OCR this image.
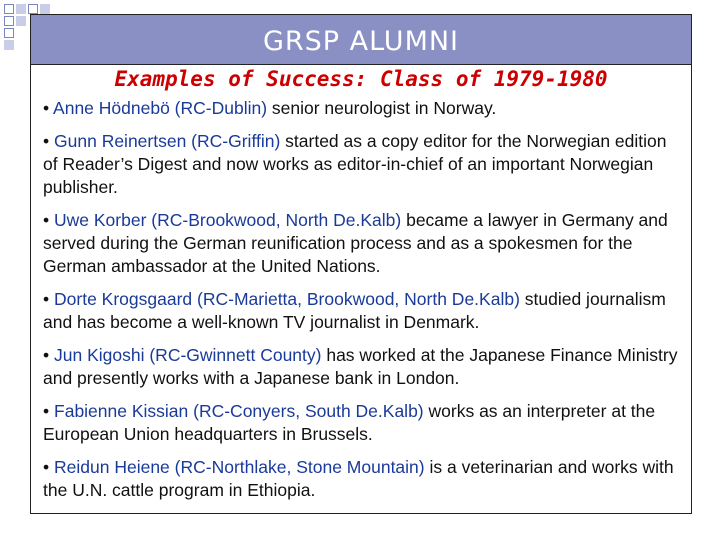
GRSP ALUMNI
Examples of Success: Class of 1979-1980
• Anne Hödnebö (RC-Dublin) senior neurologist in Norway.
• Gunn Reinertsen (RC-Griffin) started as a copy editor for the Norwegian edition of Reader’s Digest and now works as editor-in-chief of an important Norwegian publisher.
• Uwe Korber (RC-Brookwood, North De.Kalb) became a lawyer in Germany and served during the German reunification process and as a spokesmen for the German ambassador at the United Nations.
• Dorte Krogsgaard (RC-Marietta, Brookwood, North De.Kalb) studied journalism and has become a well-known TV journalist in Denmark.
• Jun Kigoshi (RC-Gwinnett County) has worked at the Japanese Finance Ministry and presently works with a Japanese bank in London.
• Fabienne Kissian (RC-Conyers, South De.Kalb) works as an interpreter at the European Union headquarters in Brussels.
• Reidun Heiene (RC-Northlake, Stone Mountain) is a veterinarian and works with the U.N. cattle program in Ethiopia.
